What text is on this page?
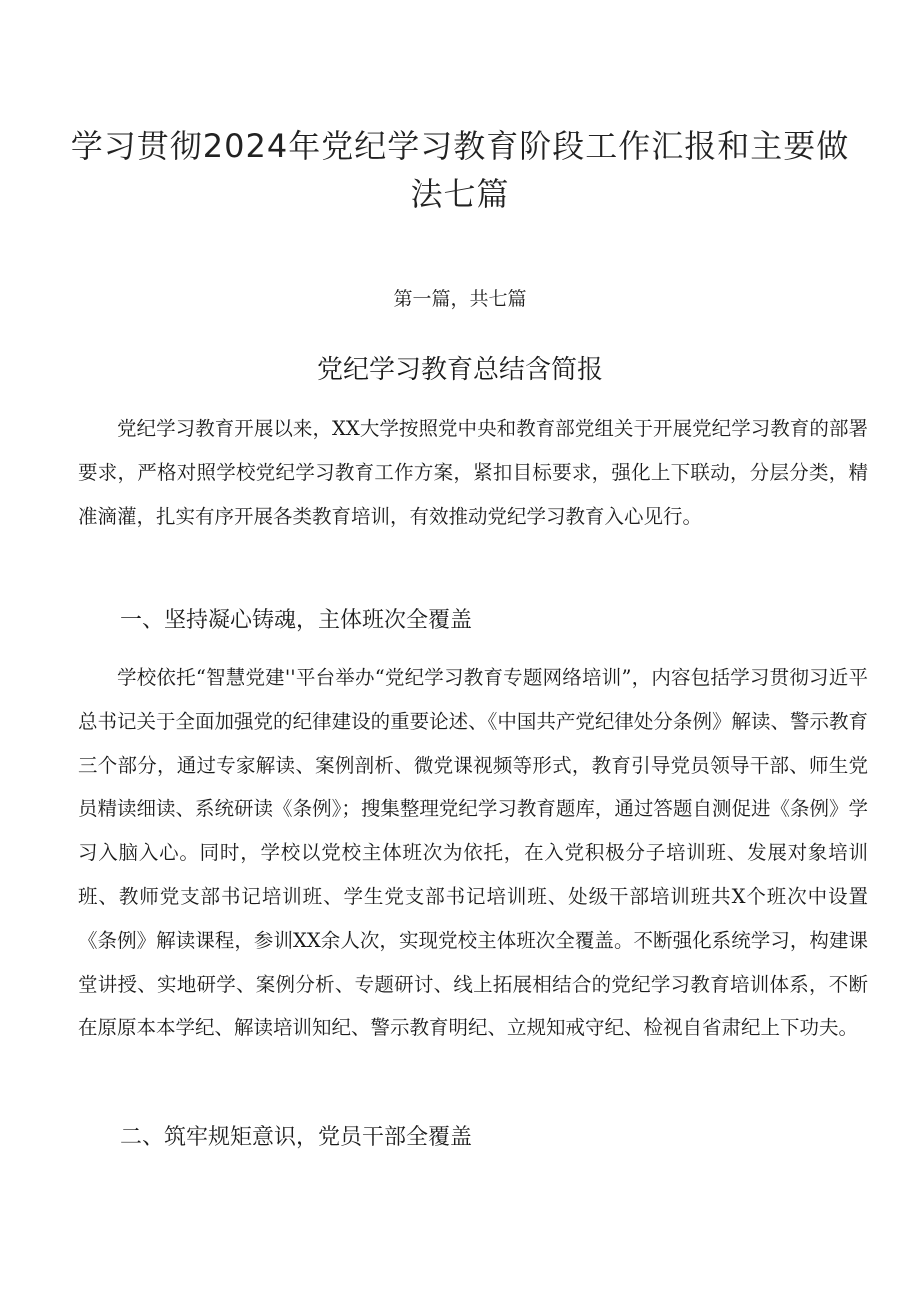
学习贯彻2024年党纪学习教育阶段工作汇报和主要做法七篇
第一篇，共七篇
党纪学习教育总结含简报

党纪学习教育开展以来，XX大学按照党中央和教育部党组关于开展党纪学习教育的部署要求，严格对照学校党纪学习教育工作方案，紧扣目标要求，强化上下联动，分层分类，精准滴灌，扎实有序开展各类教育培训，有效推动党纪学习教育入心见行。

一、坚持凝心铸魂，主体班次全覆盖

学校依托“智慧党建''平台举办“党纪学习教育专题网络培训”，内容包括学习贯彻习近平总书记关于全面加强党的纪律建设的重要论述、《中国共产党纪律处分条例》解读、警示教育三个部分，通过专家解读、案例剖析、微党课视频等形式，教育引导党员领导干部、师生党员精读细读、系统研读《条例》；搜集整理党纪学习教育题库，通过答题自测促进《条例》学习入脑入心。同时，学校以党校主体班次为依托，在入党积极分子培训班、发展对象培训班、教师党支部书记培训班、学生党支部书记培训班、处级干部培训班共X个班次中设置《条例》解读课程，参训XX余人次，实现党校主体班次全覆盖。不断强化系统学习，构建课堂讲授、实地研学、案例分析、专题研讨、线上拓展相结合的党纪学习教育培训体系，不断在原原本本学纪、解读培训知纪、警示教育明纪、立规知戒守纪、检视自省肃纪上下功夫。

二、筑牢规矩意识，党员干部全覆盖
